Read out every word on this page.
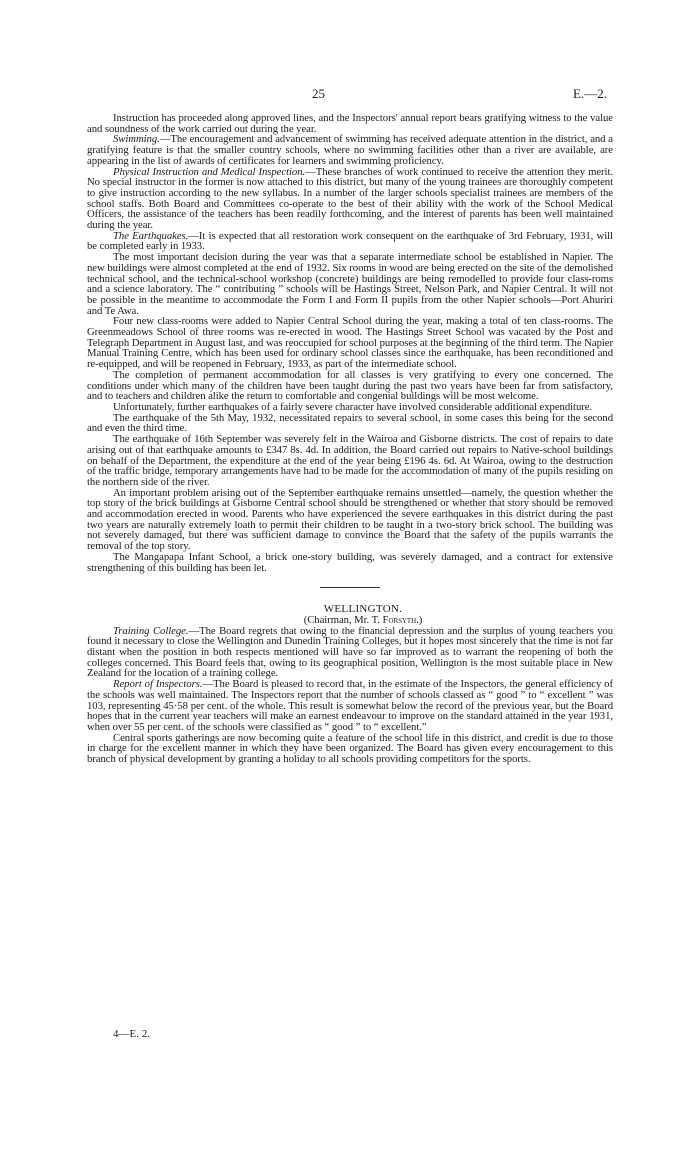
25	E.—2.

Instruction has proceeded along approved lines, and the Inspectors' annual report bears gratifying witness to the value and soundness of the work carried out during the year.

Swimming.—The encouragement and advancement of swimming has received adequate attention in the district, and a gratifying feature is that the smaller country schools, where no swimming facilities other than a river are available, are appearing in the list of awards of certificates for learners and swimming proficiency.

Physical Instruction and Medical Inspection.—These branches of work continued to receive the attention they merit. No special instructor in the former is now attached to this district, but many of the young trainees are thoroughly competent to give instruction according to the new syllabus. In a number of the larger schools specialist trainees are members of the school staffs. Both Board and Committees co-operate to the best of their ability with the work of the School Medical Officers, the assistance of the teachers has been readily forthcoming, and the interest of parents has been well maintained during the year.

The Earthquakes.—It is expected that all restoration work consequent on the earthquake of 3rd February, 1931, will be completed early in 1933.

The most important decision during the year was that a separate intermediate school be established in Napier. The new buildings were almost completed at the end of 1932. Six rooms in wood are being erected on the site of the demolished technical school, and the technical-school workshop (concrete) buildings are being remodelled to provide four class-roms and a science laboratory. The “ contributing ” schools will be Hastings Street, Nelson Park, and Napier Central. It will not be possible in the meantime to accommodate the Form I and Form II pupils from the other Napier schools—Port Ahuriri and Te Awa.

Four new class-rooms were added to Napier Central School during the year, making a total of ten class-rooms. The Greenmeadows School of three rooms was re-erected in wood. The Hastings Street School was vacated by the Post and Telegraph Department in August last, and was reoccupied for school purposes at the beginning of the third term. The Napier Manual Training Centre, which has been used for ordinary school classes since the earthquake, has been reconditioned and re-equipped, and will be reopened in February, 1933, as part of the intermediate school.

The completion of permanent accommodation for all classes is very gratifying to every one concerned. The conditions under which many of the children have been taught during the past two years have been far from satisfactory, and to teachers and children alike the return to comfortable and congenial buildings will be most welcome.

Unfortunately, further earthquakes of a fairly severe character have involved considerable additional expenditure.

The earthquake of the 5th May, 1932, necessitated repairs to several school, in some cases this being for the second and even the third time.

The earthquake of 16th September was severely felt in the Wairoa and Gisborne districts. The cost of repairs to date arising out of that earthquake amounts to £347 8s. 4d. In addition, the Board carried out repairs to Native-school buildings on behalf of the Department, the expenditure at the end of the year being £196 4s. 6d. At Wairoa, owing to the destruction of the traffic bridge, temporary arrangements have had to be made for the accommodation of many of the pupils residing on the northern side of the river.

An important problem arising out of the September earthquake remains unsettled—namely, the question whether the top story of the brick buildings at Gisborne Central school should be strengthened or whether that story should be removed and accommodation erected in wood. Parents who have experienced the severe earthquakes in this district during the past two years are naturally extremely loath to permit their children to be taught in a two-story brick school. The building was not severely damaged, but there was sufficient damage to convince the Board that the safety of the pupils warrants the removal of the top story.

The Mangapapa Infant School, a brick one-story building, was severely damaged, and a contract for extensive strengthening of this building has been let.

WELLINGTON.

(Chairman, Mr. T. Forsyth.)

Training College.—The Board regrets that owing to the financial depression and the surplus of young teachers you found it necessary to close the Wellington and Dunedin Training Colleges, but it hopes most sincerely that the time is not far distant when the position in both respects mentioned will have so far improved as to warrant the reopening of both the colleges concerned. This Board feels that, owing to its geographical position, Wellington is the most suitable place in New Zealand for the location of a training college.

Report of Inspectors.—The Board is pleased to record that, in the estimate of the Inspectors, the general efficiency of the schools was well maintained. The Inspectors report that the number of schools classed as “ good ” to “ excellent ” was 103, representing 45·58 per cent. of the whole. This result is somewhat below the record of the previous year, but the Board hopes that in the current year teachers will make an earnest endeavour to improve on the standard attained in the year 1931, when over 55 per cent. of the schools were classified as “ good ” to “ excellent.”

Central sports gatherings are now becoming quite a feature of the school life in this district, and credit is due to those in charge for the excellent manner in which they have been organized. The Board has given every encouragement to this branch of physical development by granting a holiday to all schools providing competitors for the sports.

4—E. 2.
